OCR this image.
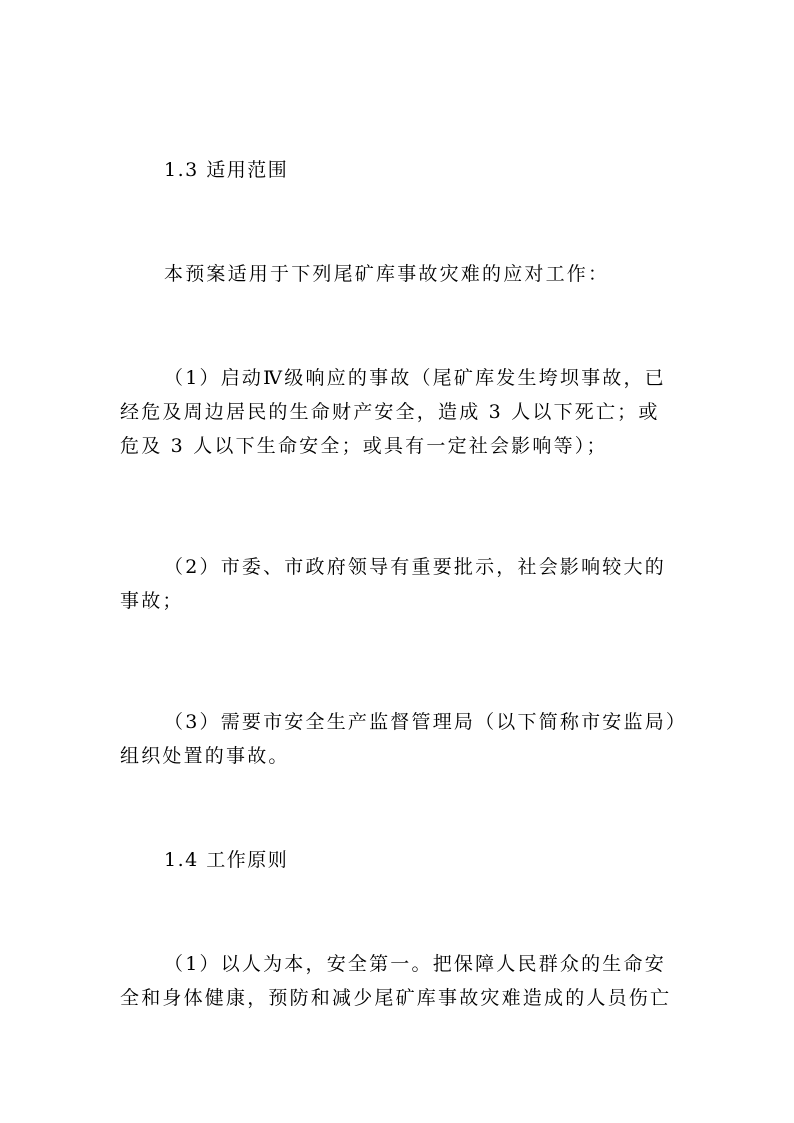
1.3 适用范围

本预案适用于下列尾矿库事故灾难的应对工作：

（1）启动Ⅳ级响应的事故（尾矿库发生垮坝事故，已经危及周边居民的生命财产安全，造成 3 人以下死亡；或危及 3 人以下生命安全；或具有一定社会影响等）；

（2）市委、市政府领导有重要批示，社会影响较大的事故；

（3）需要市安全生产监督管理局（以下简称市安监局）组织处置的事故。

1.4 工作原则

（1）以人为本，安全第一。把保障人民群众的生命安全和身体健康，预防和减少尾矿库事故灾难造成的人员伤亡
